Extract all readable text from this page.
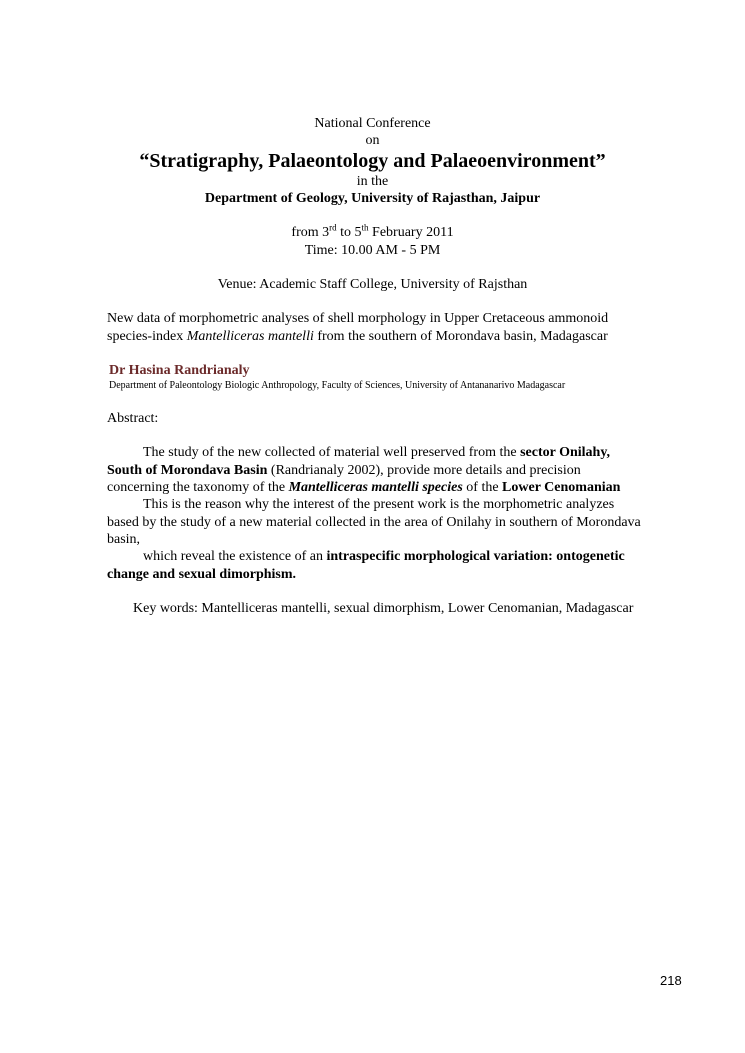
National Conference
on
“Stratigraphy, Palaeontology and Palaeoenvironment”
in the
Department of Geology, University of Rajasthan, Jaipur
from 3rd to 5th February 2011
Time: 10.00 AM - 5 PM
Venue: Academic Staff College, University of Rajsthan
New data of morphometric analyses of shell morphology in Upper Cretaceous ammonoid
species-index Mantelliceras mantelli from the southern of Morondava basin, Madagascar
Dr Hasina Randrianaly
Department of Paleontology Biologic Anthropology, Faculty of Sciences, University of Antananarivo Madagascar
Abstract:
The study of the new collected of material well preserved from the sector Onilahy,
South of Morondava Basin (Randrianaly 2002), provide more details and precision
concerning the taxonomy of the Mantelliceras mantelli species of the Lower Cenomanian
This is the reason why the interest of the present work is the morphometric analyzes
based by the study of a new material collected in the area of Onilahy in southern of Morondava
basin,
which reveal the existence of an intraspecific morphological variation: ontogenetic
change and sexual dimorphism.
Key words: Mantelliceras mantelli, sexual dimorphism, Lower Cenomanian, Madagascar
218
